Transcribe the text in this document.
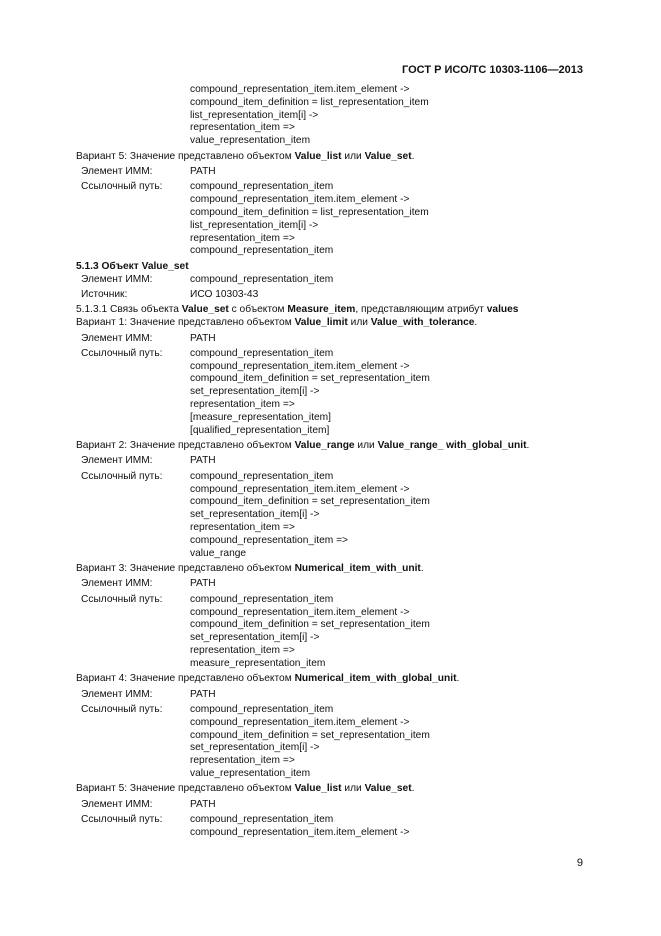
ГОСТ Р ИСО/ТС 10303-1106—2013
compound_representation_item.item_element ->
compound_item_definition = list_representation_item
list_representation_item[i] ->
representation_item =>
value_representation_item
Вариант 5: Значение представлено объектом Value_list или Value_set.
Элемент ИММ:	PATH
Ссылочный путь:	compound_representation_item
compound_representation_item.item_element ->
compound_item_definition = list_representation_item
list_representation_item[i] ->
representation_item =>
compound_representation_item
5.1.3 Объект Value_set
Элемент ИММ:	compound_representation_item
Источник:	ИСО 10303-43
5.1.3.1 Связь объекта Value_set с объектом Measure_item, представляющим атрибут values
Вариант 1: Значение представлено объектом Value_limit или Value_with_tolerance.
Элемент ИММ:	PATH
Ссылочный путь:	compound_representation_item
compound_representation_item.item_element ->
compound_item_definition = set_representation_item
set_representation_item[i] ->
representation_item =>
[measure_representation_item]
[qualified_representation_item]
Вариант 2: Значение представлено объектом Value_range или Value_range_ with_global_unit.
Элемент ИММ:	PATH
Ссылочный путь:	compound_representation_item
compound_representation_item.item_element ->
compound_item_definition = set_representation_item
set_representation_item[i] ->
representation_item =>
compound_representation_item =>
value_range
Вариант 3: Значение представлено объектом Numerical_item_with_unit.
Элемент ИММ:	PATH
Ссылочный путь:	compound_representation_item
compound_representation_item.item_element ->
compound_item_definition = set_representation_item
set_representation_item[i] ->
representation_item =>
measure_representation_item
Вариант 4: Значение представлено объектом Numerical_item_with_global_unit.
Элемент ИММ:	PATH
Ссылочный путь:	compound_representation_item
compound_representation_item.item_element ->
compound_item_definition = set_representation_item
set_representation_item[i] ->
representation_item =>
value_representation_item
Вариант 5: Значение представлено объектом Value_list или Value_set.
Элемент ИММ:	PATH
Ссылочный путь:	compound_representation_item
compound_representation_item.item_element ->
9
